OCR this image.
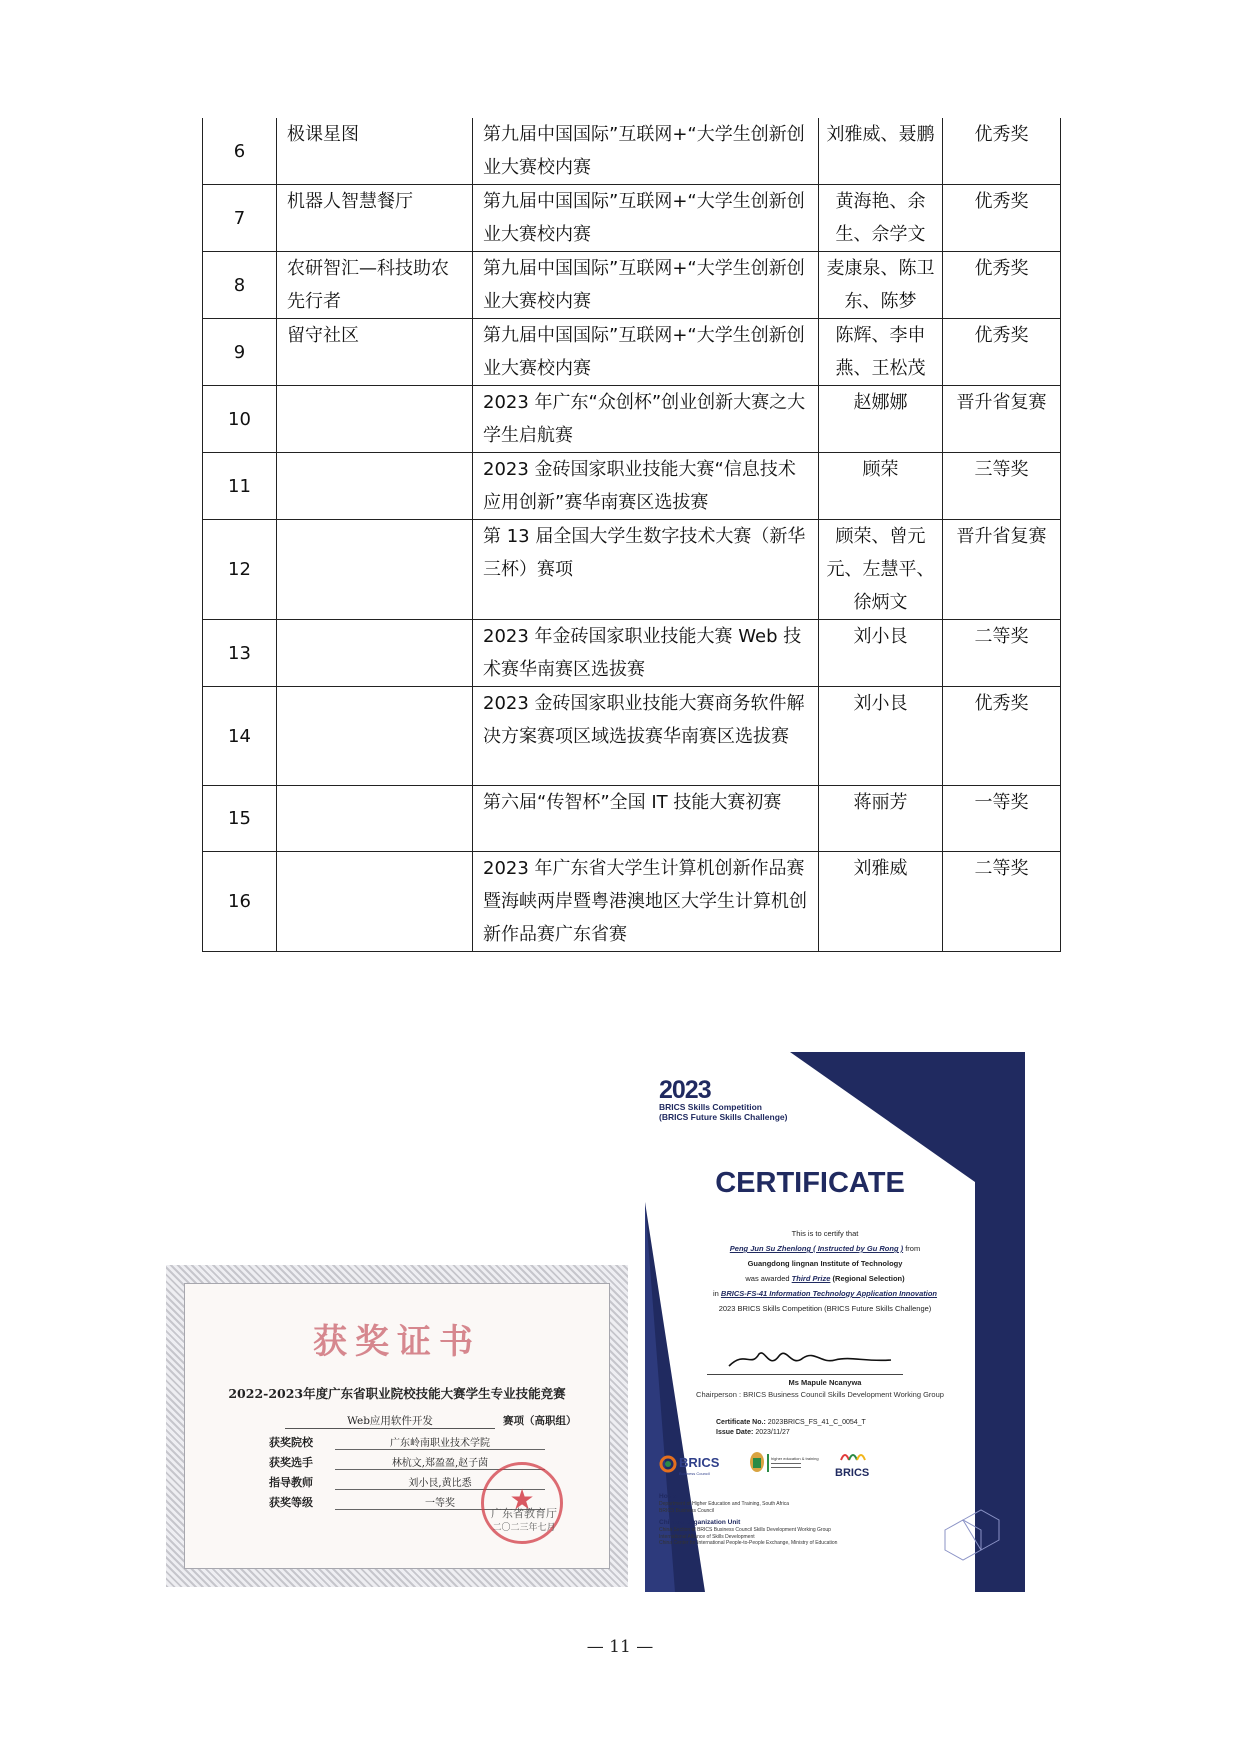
6	极课星图	第九届中国国际”互联网+“大学生创新创业大赛校内赛	刘雅威、聂鹏	优秀奖
7	机器人智慧餐厅	第九届中国国际”互联网+“大学生创新创业大赛校内赛	黄海艳、余生、佘学文	优秀奖
8	农研智汇—科技助农先行者	第九届中国国际”互联网+“大学生创新创业大赛校内赛	麦康泉、陈卫东、陈梦	优秀奖
9	留守社区	第九届中国国际”互联网+“大学生创新创业大赛校内赛	陈辉、李申燕、王松茂	优秀奖
10		2023 年广东“众创杯”创业创新大赛之大学生启航赛	赵娜娜	晋升省复赛
11		2023 金砖国家职业技能大赛“信息技术应用创新”赛华南赛区选拔赛	顾荣	三等奖
12		第 13 届全国大学生数字技术大赛（新华三杯）赛项	顾荣、曾元元、左慧平、徐炳文	晋升省复赛
13		2023 年金砖国家职业技能大赛 Web 技术赛华南赛区选拔赛	刘小艮	二等奖
14		2023 金砖国家职业技能大赛商务软件解决方案赛项区域选拔赛华南赛区选拔赛	刘小艮	优秀奖
15		第六届“传智杯”全国 IT 技能大赛初赛	蒋丽芳	一等奖
16		2023 年广东省大学生计算机创新作品赛暨海峡两岸暨粤港澳地区大学生计算机创新作品赛广东省赛	刘雅威	二等奖
获奖证书
2022-2023年度广东省职业院校技能大赛学生专业技能竞赛
Web应用软件开发	赛项（高职组）
获奖院校	广东岭南职业技术学院
获奖选手	林杭文,郑盈盈,赵子茵
指导教师	刘小艮,黄比悉
获奖等级	一等奖	★
广东省教育厅
二〇二三年七月
2023
BRICS Skills Competition
(BRICS Future Skills Challenge)
CERTIFICATE
This is to certify that
Peng Jun Su Zhenlong ( Instructed by Gu Rong ) from
Guangdong lingnan Institute of Technology
was awarded Third Prize (Regional Selection)
in BRICS-FS-41 Information Technology Application Innovation
2023 BRICS Skills Competition (BRICS Future Skills Challenge)
Ms Mapule Ncanywa
Chairperson : BRICS Business Council Skills Development Working Group
Certificate No.: 2023BRICS_FS_41_C_0054_T
Issue Date: 2023/11/27
BRICS
Business Council
higher education & training
BRICS
Hosts
Department of Higher Education and Training, South Africa
BRICS Business Council
Chinese Organization Unit
China Section of BRICS Business Council Skills Development Working Group
International Alliance of Skills Development
China Center for International People-to-People Exchange, Ministry of Education
— 11 —
